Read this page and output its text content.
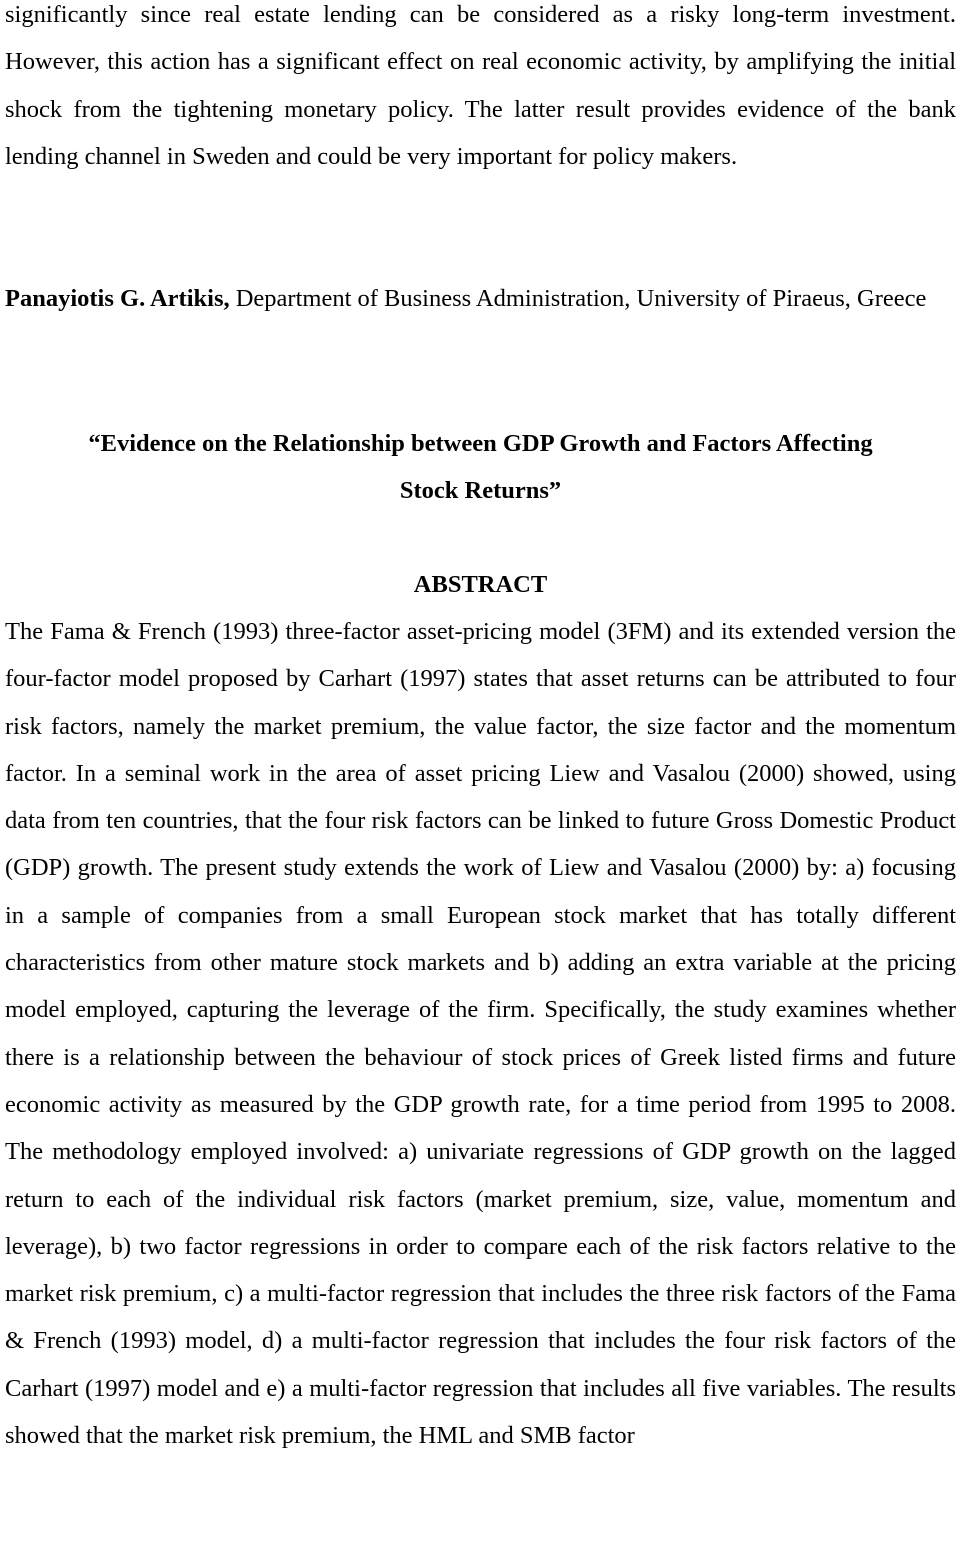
significantly since real estate lending can be considered as a risky long-term investment. However, this action has a significant effect on real economic activity, by amplifying the initial shock from the tightening monetary policy. The latter result provides evidence of the bank lending channel in Sweden and could be very important for policy makers.

Panayiotis G. Artikis, Department of Business Administration, University of Piraeus, Greece

“Evidence on the Relationship between GDP Growth and Factors Affecting
Stock Returns”
ABSTRACT

The Fama & French (1993) three-factor asset-pricing model (3FM) and its extended version the four-factor model proposed by Carhart (1997) states that asset returns can be attributed to four risk factors, namely the market premium, the value factor, the size factor and the momentum factor. In a seminal work in the area of asset pricing Liew and Vasalou (2000) showed, using data from ten countries, that the four risk factors can be linked to future Gross Domestic Product (GDP) growth. The present study extends the work of Liew and Vasalou (2000) by: a) focusing in a sample of companies from a small European stock market that has totally different characteristics from other mature stock markets and b) adding an extra variable at the pricing model employed, capturing the leverage of the firm. Specifically, the study examines whether there is a relationship between the behaviour of stock prices of Greek listed firms and future economic activity as measured by the GDP growth rate, for a time period from 1995 to 2008. The methodology employed involved: a) univariate regressions of GDP growth on the lagged return to each of the individual risk factors (market premium, size, value, momentum and leverage), b) two factor regressions in order to compare each of the risk factors relative to the market risk premium, c) a multi-factor regression that includes the three risk factors of the Fama & French (1993) model, d) a multi-factor regression that includes the four risk factors of the Carhart (1997) model and e) a multi-factor regression that includes all five variables. The results showed that the market risk premium, the HML and SMB factor
